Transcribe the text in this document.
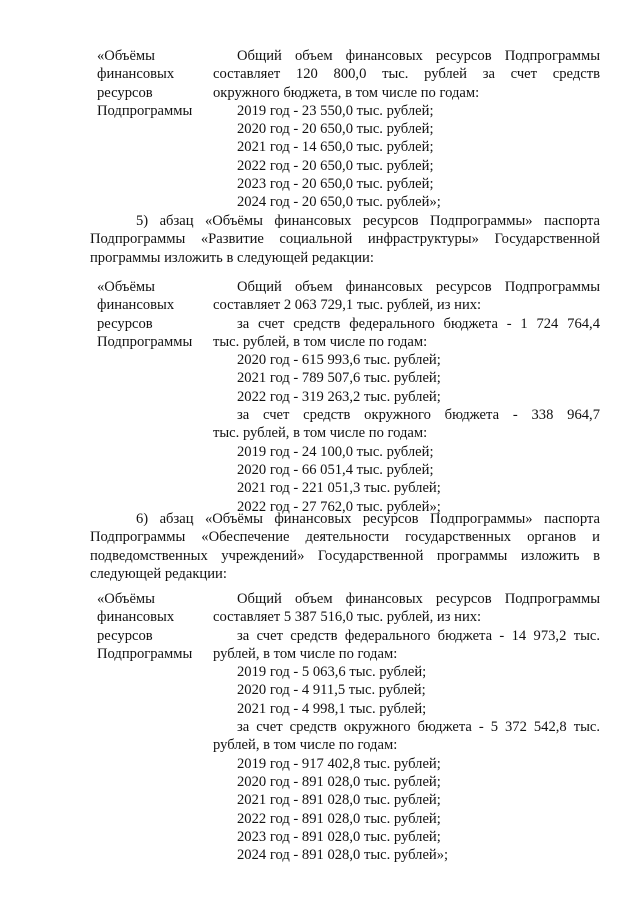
«Объёмы
финансовых
ресурсов
Подпрограммы
Общий объем финансовых ресурсов Подпрограммы
составляет 120 800,0 тыс. рублей за счет средств
окружного бюджета, в том числе по годам:
2019 год - 23 550,0 тыс. рублей;
2020 год - 20 650,0 тыс. рублей;
2021 год - 14 650,0 тыс. рублей;
2022 год - 20 650,0 тыс. рублей;
2023 год - 20 650,0 тыс. рублей;
2024 год - 20 650,0 тыс. рублей»;
5) абзац «Объёмы финансовых ресурсов Подпрограммы» паспорта
Подпрограммы «Развитие социальной инфраструктуры» Государственной
программы изложить в следующей редакции:
«Объёмы
финансовых
ресурсов
Подпрограммы
Общий объем финансовых ресурсов Подпрограммы
составляет 2 063 729,1 тыс. рублей, из них:
за счет средств федерального бюджета - 1 724 764,4
тыс. рублей, в том числе по годам:
2020 год - 615 993,6 тыс. рублей;
2021 год - 789 507,6 тыс. рублей;
2022 год - 319 263,2 тыс. рублей;
за счет средств окружного бюджета - 338 964,7
тыс. рублей, в том числе по годам:
2019 год - 24 100,0 тыс. рублей;
2020 год - 66 051,4 тыс. рублей;
2021 год - 221 051,3 тыс. рублей;
2022 год - 27 762,0 тыс. рублей»;
6) абзац «Объёмы финансовых ресурсов Подпрограммы» паспорта
Подпрограммы «Обеспечение деятельности государственных органов и
подведомственных учреждений» Государственной программы изложить в
следующей редакции:
«Объёмы
финансовых
ресурсов
Подпрограммы
Общий объем финансовых ресурсов Подпрограммы
составляет 5 387 516,0 тыс. рублей, из них:
за счет средств федерального бюджета - 14 973,2 тыс.
рублей, в том числе по годам:
2019 год - 5 063,6 тыс. рублей;
2020 год - 4 911,5 тыс. рублей;
2021 год - 4 998,1 тыс. рублей;
за счет средств окружного бюджета - 5 372 542,8 тыс.
рублей, в том числе по годам:
2019 год - 917 402,8 тыс. рублей;
2020 год - 891 028,0 тыс. рублей;
2021 год - 891 028,0 тыс. рублей;
2022 год - 891 028,0 тыс. рублей;
2023 год - 891 028,0 тыс. рублей;
2024 год - 891 028,0 тыс. рублей»;
